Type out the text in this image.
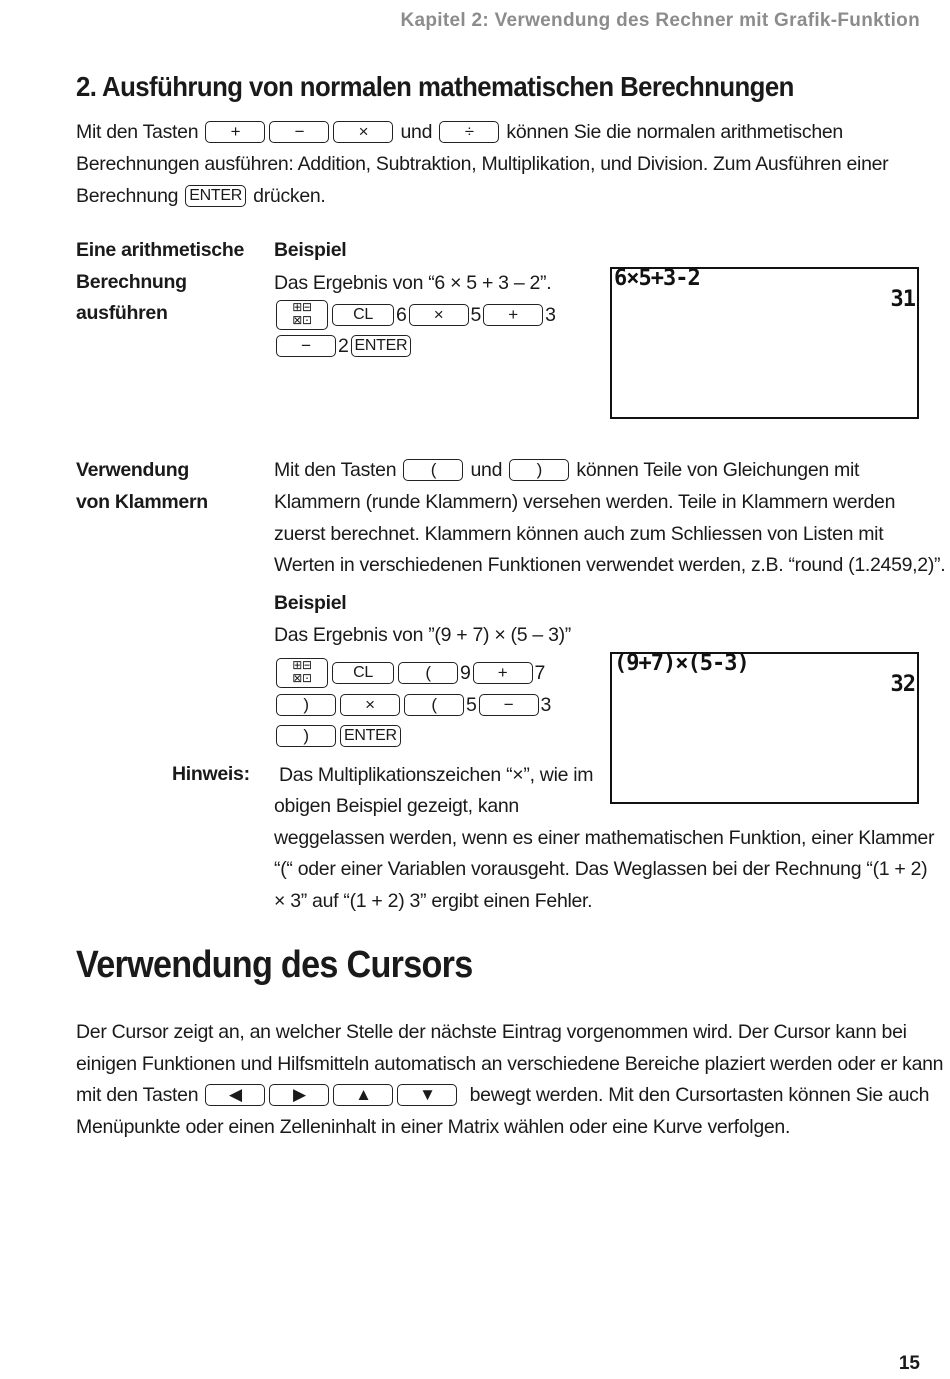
Kapitel 2: Verwendung des Rechner mit Grafik-Funktion
2. Ausführung von normalen mathematischen Berechnungen
Mit den Tasten
	+	−	×
	und
	÷
	können Sie die normalen arithmetischen
Berechnungen ausführen: Addition, Subtraktion, Multiplikation, und Division. Zum Ausführen einer
Berechnung
ENTER
drücken.
Eine arithmetische
Berechnung
ausführen
Beispiel
Das Ergebnis von “6 × 5 + 3 – 2”.
⊞⊟
⊠⊡	CL	6	×	5	+	3
−	2 ENTER
6×5+3-2
31
Verwendung
von Klammern
Mit den Tasten
	(
	und
	)
	können Teile von Gleichungen mit
Klammern (runde Klammern) versehen werden. Teile in Klammern werden
zuerst berechnet. Klammern können auch zum Schliessen von Listen mit
Werten in verschiedenen Funktionen verwendet werden, z.B. “round (1.2459,2)”.
Beispiel
Das Ergebnis von ”(9 + 7) × (5 – 3)”
⊞⊟
⊠⊡	CL	(	9	+	7
)	×	(	5	−	3
)	ENTER
(9+7)×(5-3)
32
Hinweis: Das Multiplikationszeichen “×”, wie im
obigen Beispiel gezeigt, kann
weggelassen werden, wenn es einer mathematischen Funktion, einer Klammer
“(“ oder einer Variablen vorausgeht. Das Weglassen bei der Rechnung “(1 + 2)
× 3” auf “(1 + 2) 3” ergibt einen Fehler.
Verwendung des Cursors
Der Cursor zeigt an, an welcher Stelle der nächste Eintrag vorgenommen wird. Der Cursor kann bei
einigen Funktionen und Hilfsmitteln automatisch an verschiedene Bereiche plaziert werden oder er kann
mit den Tasten
	◀	▶	▲	▼
	bewegt werden. Mit den Cursortasten können Sie auch
Menüpunkte oder einen Zelleninhalt in einer Matrix wählen oder eine Kurve verfolgen.
15
